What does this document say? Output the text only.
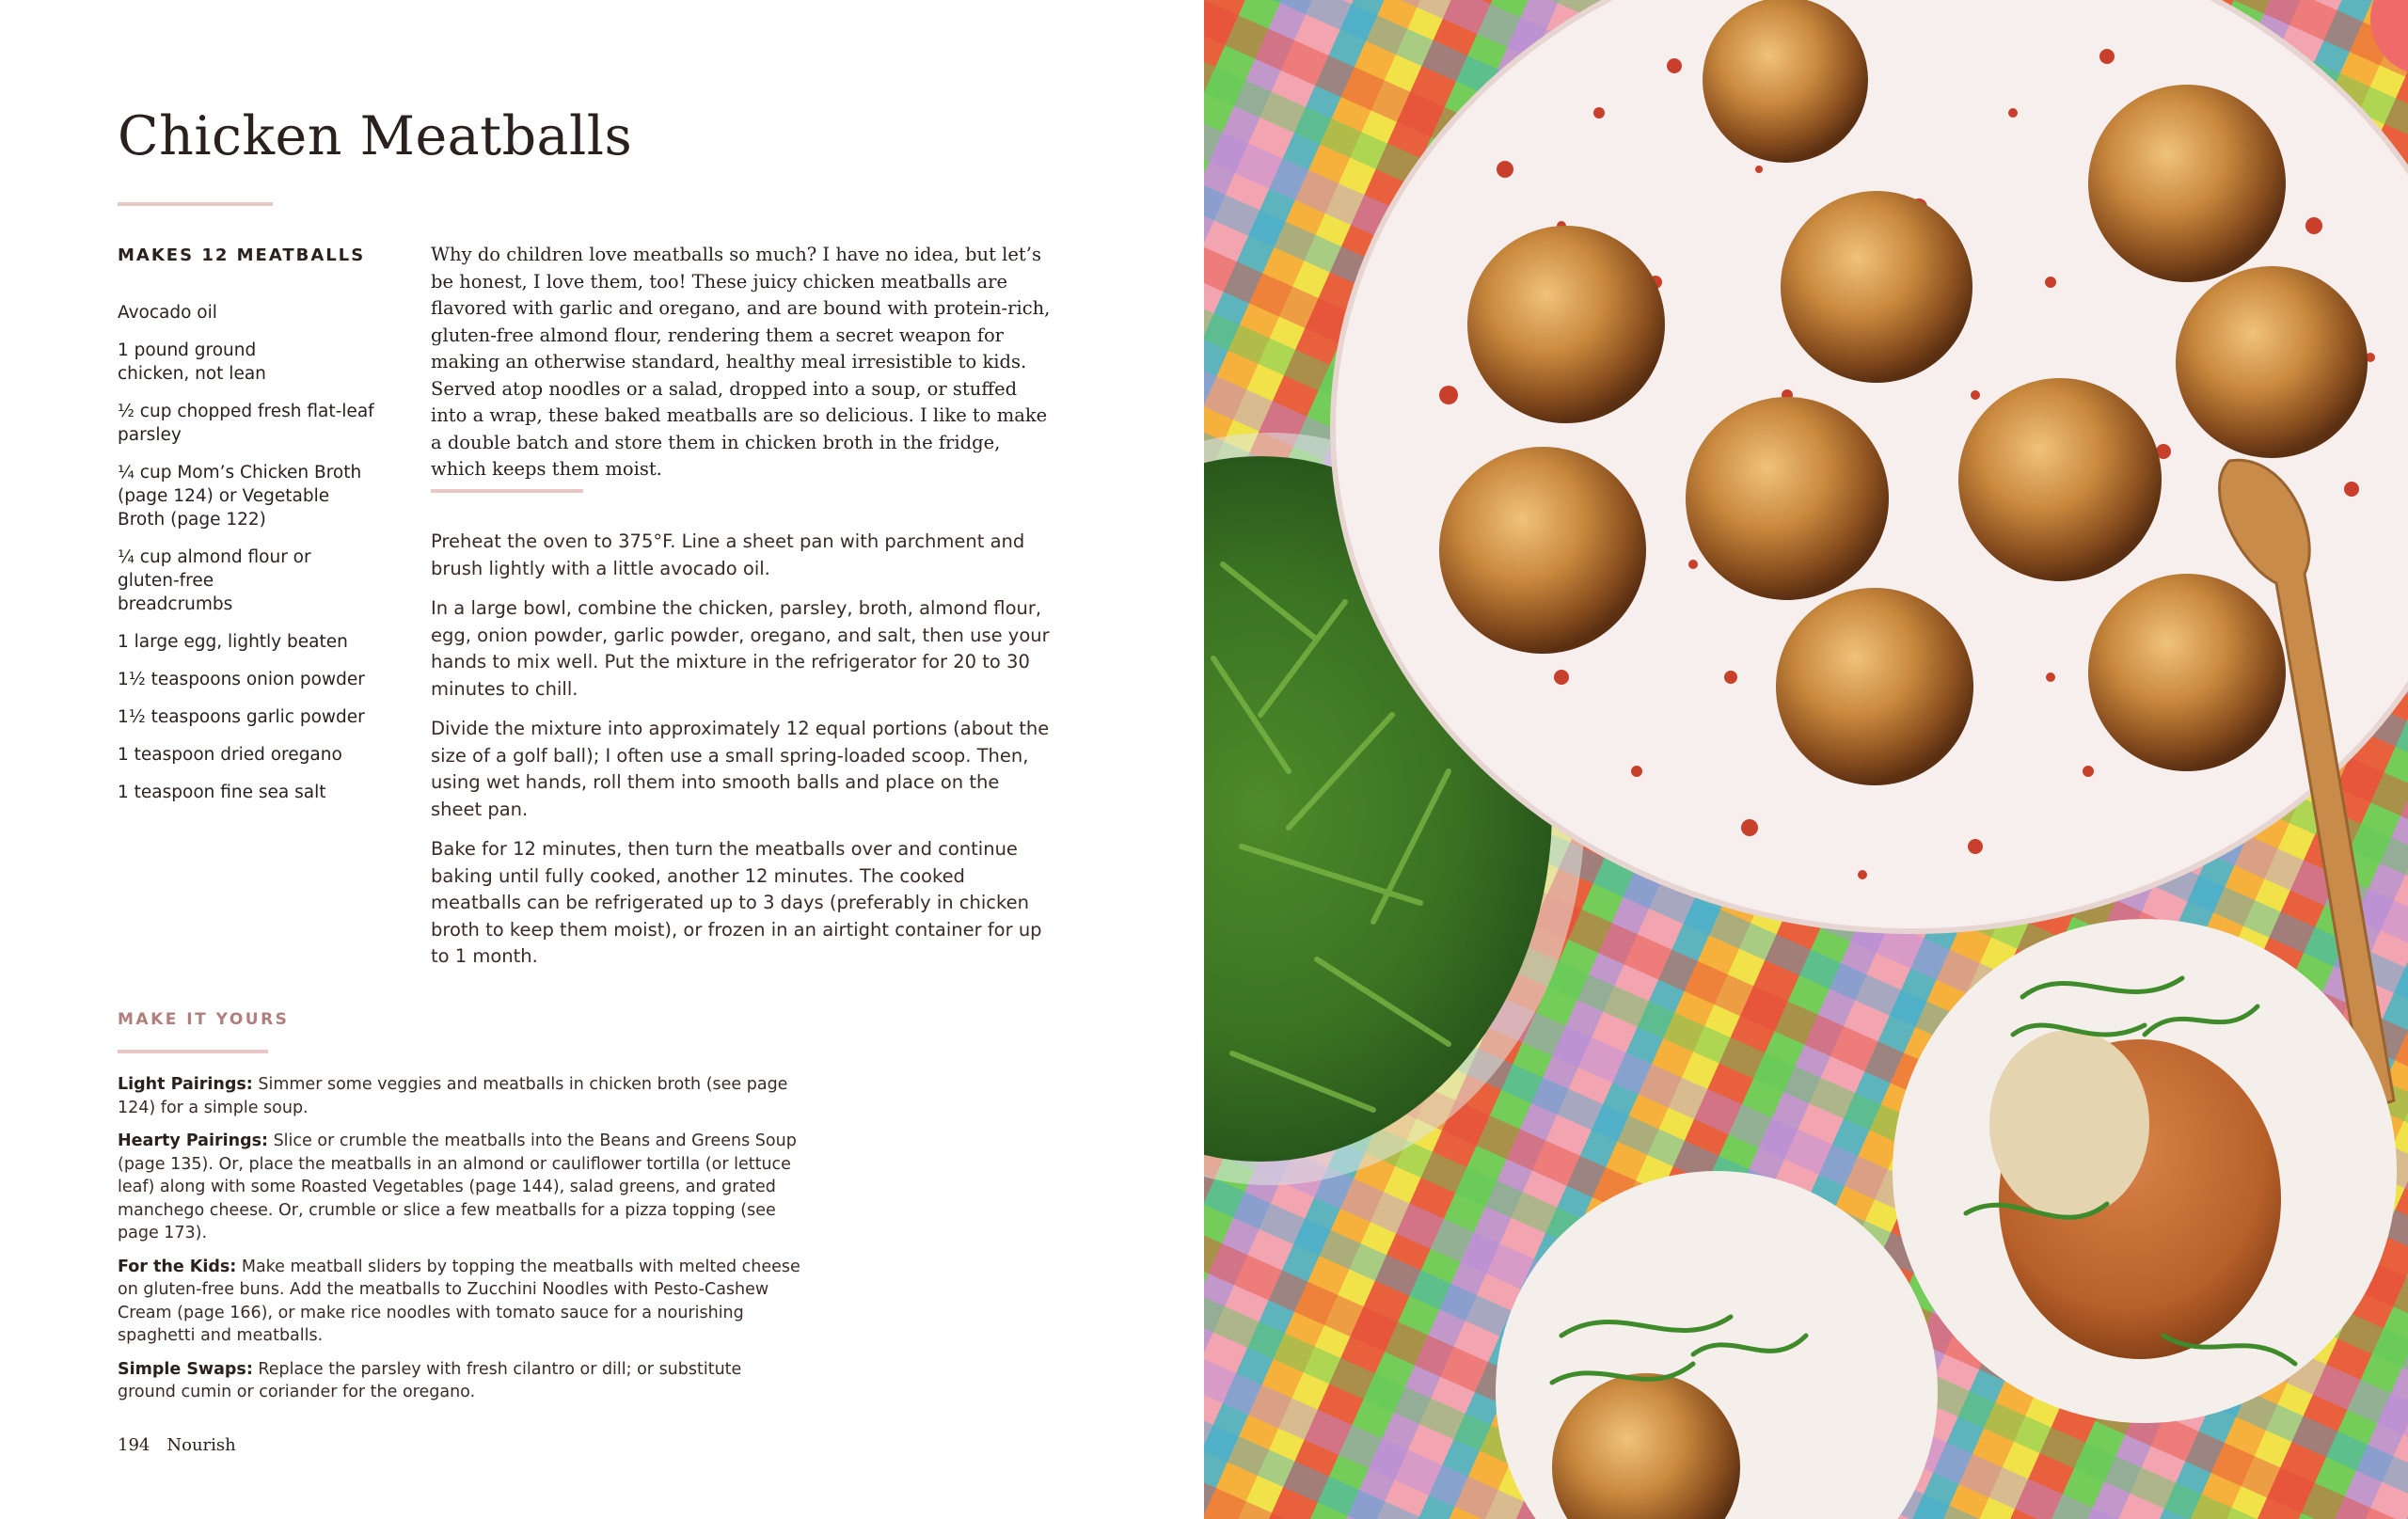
Chicken Meatballs
MAKES 12 MEATBALLS
Avocado oil
1 pound ground chicken, not lean
½ cup chopped fresh flat-leaf parsley
¼ cup Mom’s Chicken Broth (page 124) or Vegetable Broth (page 122)
¼ cup almond flour or gluten-free breadcrumbs
1 large egg, lightly beaten
1½ teaspoons onion powder
1½ teaspoons garlic powder
1 teaspoon dried oregano
1 teaspoon fine sea salt

Why do children love meatballs so much? I have no idea, but let’s be honest, I love them, too! These juicy chicken meatballs are flavored with garlic and oregano, and are bound with protein-rich, gluten-free almond flour, rendering them a secret weapon for making an otherwise standard, healthy meal irresistible to kids. Served atop noodles or a salad, dropped into a soup, or stuffed into a wrap, these baked meatballs are so delicious. I like to make a double batch and store them in chicken broth in the fridge, which keeps them moist.

Preheat the oven to 375°F. Line a sheet pan with parchment and brush lightly with a little avocado oil.

In a large bowl, combine the chicken, parsley, broth, almond flour, egg, onion powder, garlic powder, oregano, and salt, then use your hands to mix well. Put the mixture in the refrigerator for 20 to 30 minutes to chill.

Divide the mixture into approximately 12 equal portions (about the size of a golf ball); I often use a small spring-loaded scoop. Then, using wet hands, roll them into smooth balls and place on the sheet pan.

Bake for 12 minutes, then turn the meatballs over and continue baking until fully cooked, another 12 minutes. The cooked meatballs can be refrigerated up to 3 days (preferably in chicken broth to keep them moist), or frozen in an airtight container for up to 1 month.

MAKE IT YOURS

Light Pairings: Simmer some veggies and meatballs in chicken broth (see page 124) for a simple soup.

Hearty Pairings: Slice or crumble the meatballs into the Beans and Greens Soup (page 135). Or, place the meatballs in an almond or cauliflower tortilla (or lettuce leaf) along with some Roasted Vegetables (page 144), salad greens, and grated manchego cheese. Or, crumble or slice a few meatballs for a pizza topping (see page 173).

For the Kids: Make meatball sliders by topping the meatballs with melted cheese on gluten-free buns. Add the meatballs to Zucchini Noodles with Pesto-Cashew Cream (page 166), or make rice noodles with tomato sauce for a nourishing spaghetti and meatballs.

Simple Swaps: Replace the parsley with fresh cilantro or dill; or substitute ground cumin or coriander for the oregano.

194 Nourish
